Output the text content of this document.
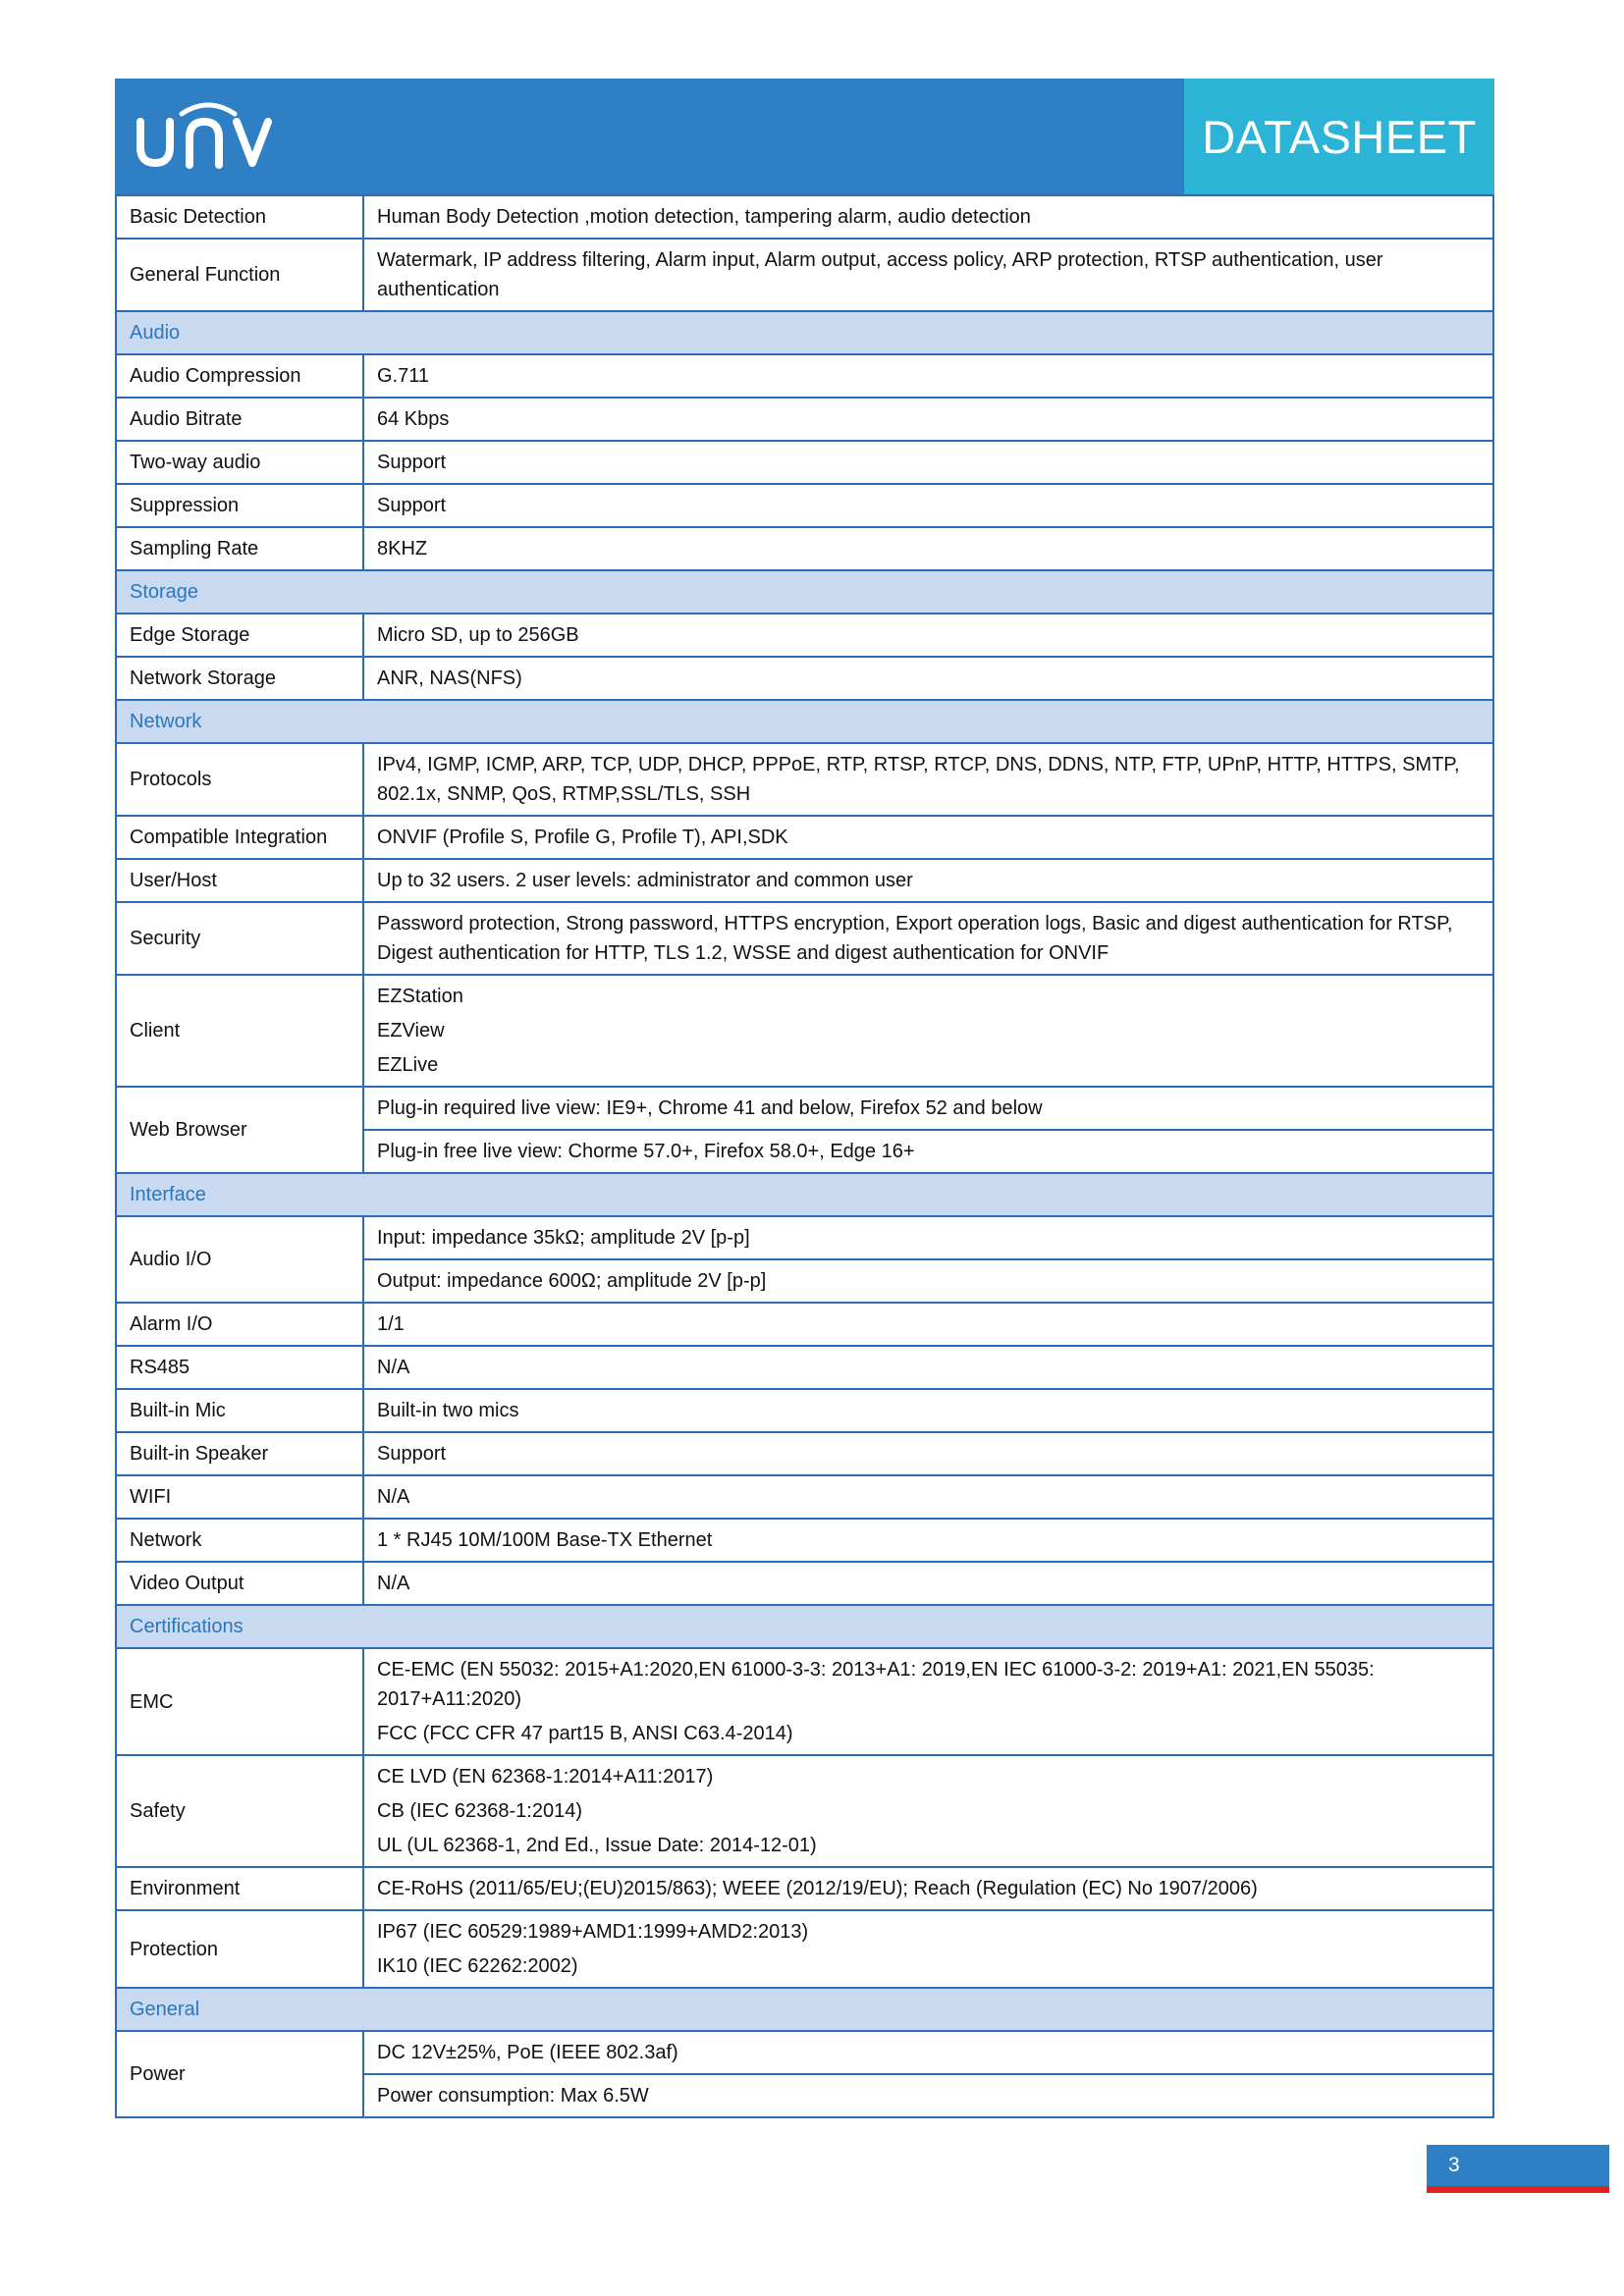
DATASHEET
Basic Detection	Human Body Detection ,motion detection, tampering alarm, audio detection

General Function	Watermark, IP address filtering, Alarm input, Alarm output, access policy, ARP protection, RTSP authentication, user authentication

Audio	
Audio Compression	G.711

Audio Bitrate	64 Kbps

Two-way audio	Support

Suppression	Support

Sampling Rate	8KHZ

Storage	
Edge Storage	Micro SD, up to 256GB

Network Storage	ANR, NAS(NFS)

Network	
Protocols	IPv4, IGMP, ICMP, ARP, TCP, UDP, DHCP, PPPoE, RTP, RTSP, RTCP, DNS, DDNS, NTP, FTP, UPnP, HTTP, HTTPS, SMTP, 802.1x, SNMP, QoS, RTMP,SSL/TLS, SSH

Compatible Integration	ONVIF (Profile S, Profile G, Profile T), API,SDK

User/Host	Up to 32 users. 2 user levels: administrator and common user

Security	Password protection, Strong password, HTTPS encryption, Export operation logs, Basic and digest authentication for RTSP, Digest authentication for HTTP, TLS 1.2, WSSE and digest authentication for ONVIF

Client	EZStation
EZView
EZLive

Web Browser	Plug-in required live view: IE9+, Chrome 41 and below, Firefox 52 and below
	Plug-in free live view: Chorme 57.0+, Firefox 58.0+, Edge 16+
Interface	
Audio I/O	Input: impedance 35kΩ; amplitude 2V [p-p]
	Output: impedance 600Ω; amplitude 2V [p-p]
Alarm I/O	1/1

RS485	N/A

Built-in Mic	Built-in two mics

Built-in Speaker	Support

WIFI	N/A

Network	1 * RJ45 10M/100M Base-TX Ethernet

Video Output	N/A

Certifications	
EMC	CE-EMC (EN 55032: 2015+A1:2020,EN 61000-3-3: 2013+A1: 2019,EN IEC 61000-3-2: 2019+A1: 2021,EN 55035: 2017+A11:2020)
FCC (FCC CFR 47 part15 B, ANSI C63.4-2014)

Safety	CE LVD (EN 62368-1:2014+A11:2017)
CB (IEC 62368-1:2014)
UL (UL 62368-1, 2nd Ed., Issue Date: 2014-12-01)

Environment	CE-RoHS (2011/65/EU;(EU)2015/863); WEEE (2012/19/EU); Reach (Regulation (EC) No 1907/2006)

Protection	IP67 (IEC 60529:1989+AMD1:1999+AMD2:2013)
IK10 (IEC 62262:2002)

General	
Power	DC 12V±25%, PoE (IEEE 802.3af)
	Power consumption: Max 6.5W
3
